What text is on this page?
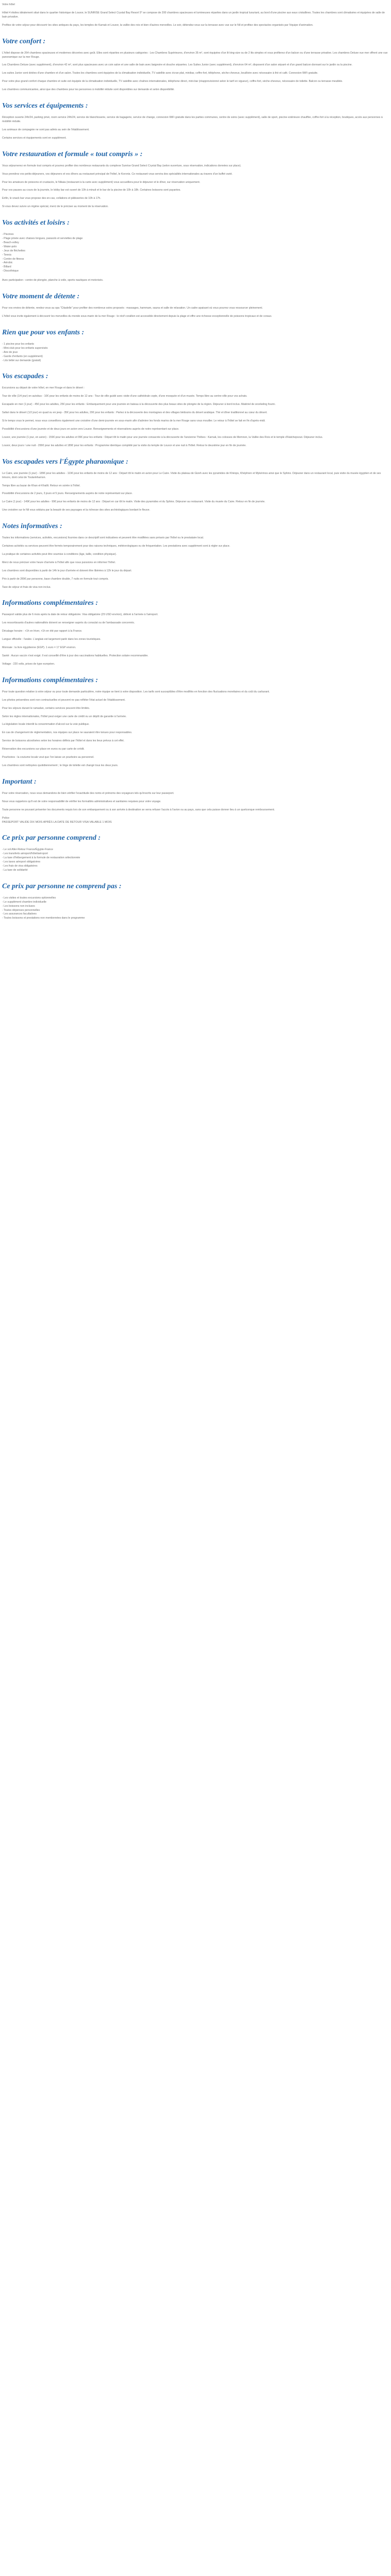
Votre hôtel

Hôtel 4 étoiles idéalement situé dans le quartier historique de Louxor, le SUNRISE Grand Select Crystal Bay Resort 5* se compose de 200 chambres spacieuses et lumineuses réparties dans un jardin tropical luxuriant, au bord d'une piscine aux eaux cristallines. Toutes les chambres sont climatisées et équipées de salle de bain privative.

Profitez de votre séjour pour découvrir les sites antiques du pays, les temples de Karnak et Louxor, la vallée des rois et bien d'autres merveilles. Le soir, détendez-vous sur la terrasse avec vue sur le Nil et profitez des spectacles organisés par l'équipe d'animation.

Votre confort :

L'hôtel dispose de 264 chambres spacieuses et modernes décorées avec goût. Elles sont réparties en plusieurs catégories : Les Chambres Supérieures, d'environ 35 m², sont équipées d'un lit king-size ou de 2 lits simples et vous profiterez d'un balcon ou d'une terrasse privative. Les chambres Deluxe vue mer offrent une vue panoramique sur la mer Rouge.

Les Chambres Deluxe (avec supplément), d'environ 42 m², sont plus spacieuses avec un coin salon et une salle de bain avec baignoire et douche séparées. Les Suites Junior (avec supplément), d'environ 64 m², disposent d'un salon séparé et d'un grand balcon donnant sur le jardin ou la piscine.

Les suites Junior sont dotées d'une chambre et d'un salon. Toutes les chambres sont équipées de la climatisation individuelle, TV satellite avec écran plat, minibar, coffre-fort, téléphone, sèche-cheveux, bouilloire avec nécessaire à thé et café. Connexion WiFi gratuite.

Pour votre plus grand confort chaque chambre et suite est équipée de la climatisation individuelle, TV satellite avec chaînes internationales, téléphone direct, mini-bar (réapprovisionné selon le tarif en vigueur), coffre-fort, sèche-cheveux, nécessaire de toilette. Balcon ou terrasse meublée.

Les chambres communicantes, ainsi que des chambres pour les personnes à mobilité réduite sont disponibles sur demande et selon disponibilité.

Vos services et équipements :

Réception ouverte 24h/24, parking privé, room service 24h/24, service de blanchisserie, service de bagagerie, service de change, connexion WiFi gratuite dans les parties communes, centre de soins (avec supplément), salle de sport, piscine extérieure chauffée, coffre-fort à la réception, boutiques, accès aux personnes à mobilité réduite.

Les animaux de compagnie ne sont pas admis au sein de l'établissement.

Certains services et équipements sont en supplément.

Votre restauration et formule « tout compris » :

Vous séjournerez en formule tout compris et pourrez profiter des nombreux restaurants du complexe Sunrise Grand Select Crystal Bay (selon ouverture, sous réservation, indications données sur place).

Vous prendrez vos petits-déjeuners, vos déjeuners et vos dîners au restaurant principal de l'hôtel, le Koronis. Ce restaurant vous servira des spécialités internationales au travers d'un buffet varié.

Pour les amateurs de poissons et crustacés, le Nikaia (restaurant à la carte avec supplément) vous accueillera pour le déjeuner et le dîner, sur réservation uniquement.

Pour vos pauses au cours de la journée, le lobby bar est ouvert de 10h à minuit et le bar de la piscine de 10h à 18h. Certaines boissons sont payantes.

Enfin, le snack bar vous propose des en-cas, collations et pâtisseries de 10h à 17h.

Si vous devez suivre un régime spécial, merci de le préciser au moment de la réservation.

Vos activités et loisirs :

- Piscines

- Plage privée avec chaises longues, parasols et serviettes de plage

- Beach-volley

- Water-polo

- Jeux de fléchettes

- Tennis

- Centre de fitness

- Aérobic

- Billard

- Discothèque

Avec participation : centre de plongée, planche à voile, sports nautiques et motorisés.

Votre moment de détente :

Pour vos envies de détente, rendez-vous au spa "Citadelle" pour profiter des nombreux soins proposés : massages, hammam, sauna et salle de relaxation. Un cadre apaisant où vous pourrez vous ressourcer pleinement.

L'hôtel vous invite également à découvrir les merveilles du monde sous-marin de la mer Rouge : le récif corallien est accessible directement depuis la plage et offre une richesse exceptionnelle de poissons tropicaux et de coraux.

Rien que pour vos enfants :

- 1 piscine pour les enfants

- Mini-club pour les enfants supervisés

- Aire de jeux

- Garde d'enfants (en supplément)

- Lits bébé sur demande (gratuit)

Vos escapades :

Excursions au départ de votre hôtel, en mer Rouge et dans le désert :

Tour de ville (1/4 jour) en autobus - 10€ pour les enfants de moins de 12 ans : Tour de ville guidé avec visite d'une cathédrale copte, d'une mosquée et d'un musée. Temps libre au centre-ville pour vos achats.

Escapade en mer (1 jour) - 45€ pour les adultes, 25€ pour les enfants : Embarquement pour une journée en bateau à la découverte des plus beaux sites de plongée de la région. Déjeuner à bord inclus. Matériel de snorkeling fourni.

Safari dans le désert (1/2 jour) en quad ou en jeep - 35€ pour les adultes, 20€ pour les enfants : Partez à la découverte des montagnes et des villages bédouins du désert arabique. Thé et dîner traditionnel au cœur du désert.

Si le temps vous le permet, nous vous conseillons également une croisière d'une demi-journée en sous-marin afin d'admirer les fonds marins de la mer Rouge sans vous mouiller. Le retour à l'hôtel se fait en fin d'après-midi.

Possibilité d'excursions d'une journée et de deux jours en avion vers Louxor. Renseignements et réservations auprès de notre représentant sur place.

Louxor, une journée (1 jour, en avion) - 159€ pour les adultes et 99€ pour les enfants : Départ tôt le matin pour une journée consacrée à la découverte de l'ancienne Thèbes : Karnak, les colosses de Memnon, la Vallée des Rois et le temple d'Hatchepsout. Déjeuner inclus.

Louxor, deux jours / une nuit - 299€ pour les adultes et 189€ pour les enfants : Programme identique complété par la visite du temple de Louxor et une nuit à l'hôtel. Retour le deuxième jour en fin de journée.

Vos escapades vers l'Égypte pharaonique :

Le Caire, une journée (1 jour) - 189€ pour les adultes - 119€ pour les enfants de moins de 12 ans : Départ tôt le matin en avion pour Le Caire. Visite du plateau de Gizeh avec les pyramides de Khéops, Khéphren et Mykérinos ainsi que le Sphinx. Déjeuner dans un restaurant local, puis visite du musée égyptien et de ses trésors, dont celui de Toutankhamon.

Temps libre au bazar de Khan el-Khalili. Retour en soirée à l'hôtel.

Possibilité d'excursions de 2 jours, 3 jours et 5 jours. Renseignements auprès de notre représentant sur place.

Le Caire (1 jour) - 149€ pour les adultes - 99€ pour les enfants de moins de 12 ans : Départ en car tôt le matin. Visite des pyramides et du Sphinx. Déjeuner au restaurant. Visite du musée du Caire. Retour en fin de journée.

Une croisière sur le Nil vous séduira par la beauté de ses paysages et la richesse des sites archéologiques bordant le fleuve.

Notes informatives :

Toutes les informations (services, activités, excursions) fournies dans ce descriptif sont indicatives et peuvent être modifiées sans préavis par l'hôtel ou le prestataire local.

Certaines activités ou services peuvent être fermés temporairement pour des raisons techniques, météorologiques ou de fréquentation. Les prestations avec supplément sont à régler sur place.

La pratique de certaines activités peut être soumise à conditions (âge, taille, condition physique).

Merci de nous préciser votre heure d'arrivée à l'hôtel afin que nous puissions en informer l'hôtel.

Les chambres sont disponibles à partir de 14h le jour d'arrivée et doivent être libérées à 12h le jour du départ.

Prix à partir de 289€ par personne, base chambre double, 7 nuits en formule tout compris.

Taxe de séjour et frais de visa non inclus.

Informations complémentaires :

Passeport valide plus de 6 mois après la date de retour obligatoire. Visa obligatoire (25 USD environ), délivré à l'arrivée à l'aéroport.

Les ressortissants d'autres nationalités doivent se renseigner auprès du consulat ou de l'ambassade concernés.

Décalage horaire : +1h en hiver, +1h en été par rapport à la France.

Langue officielle : l'arabe. L'anglais est largement parlé dans les zones touristiques.

Monnaie : la livre égyptienne (EGP). 1 euro = 17 EGP environ.

Santé : Aucun vaccin n'est exigé. Il est conseillé d'être à jour des vaccinations habituelles. Protection solaire recommandée.

Voltage : 220 volts, prises de type européen.

Informations complémentaires :

Pour toute question relative à votre séjour ou pour toute demande particulière, notre équipe se tient à votre disposition. Les tarifs sont susceptibles d'être modifiés en fonction des fluctuations monétaires et du coût du carburant.

Les photos présentées sont non contractuelles et peuvent ne pas refléter l'état actuel de l'établissement.

Pour les séjours durant le ramadan, certains services peuvent être limités.

Selon les règles internationales, l'hôtel peut exiger une carte de crédit ou un dépôt de garantie à l'arrivée.

La législation locale interdit la consommation d'alcool sur la voie publique.

En cas de changement de réglementation, nos équipes sur place ne sauraient être tenues pour responsables.

Service de boissons alcoolisées selon les horaires définis par l'hôtel et dans les lieux prévus à cet effet.

Réservation des excursions sur place en euros ou par carte de crédit.

Pourboires : la coutume locale veut que l'on laisse un pourboire au personnel.

Les chambres sont nettoyées quotidiennement ; le linge de toilette est changé tous les deux jours.

Important :

Pour votre réservation, nous vous demandons de bien vérifier l'exactitude des noms et prénoms des voyageurs tels qu'inscrits sur leur passeport.

Nous vous rappelons qu'il est de votre responsabilité de vérifier les formalités administratives et sanitaires requises pour votre voyage.

Toute personne ne pouvant présenter les documents requis lors de son embarquement ou à son arrivée à destination se verra refuser l'accès à l'avion ou au pays, sans que cela puisse donner lieu à un quelconque remboursement.

Police

PASSEPORT VALIDE DIX MOIS APRÈS LA DATE DE RETOUR VISA VALABLE 1 MOIS

Ce prix par personne comprend :

- Le vol Aller-Retour France/Égypte-France

- Les transferts aéroport/hôtel/aéroport

- La taxe d'hébergement à la formule de restauration sélectionnée

- Les taxes aéroport obligatoires

- Les frais de visa obligatoires

- La taxe de solidarité

Ce prix par personne ne comprend pas :

- Les visites et toutes excursions optionnelles

- Le supplément chambre individuelle

- Les boissons non incluses

- Toutes dépenses personnelles

- Les assurances facultatives

- Toutes boissons et prestations non mentionnées dans le programme
